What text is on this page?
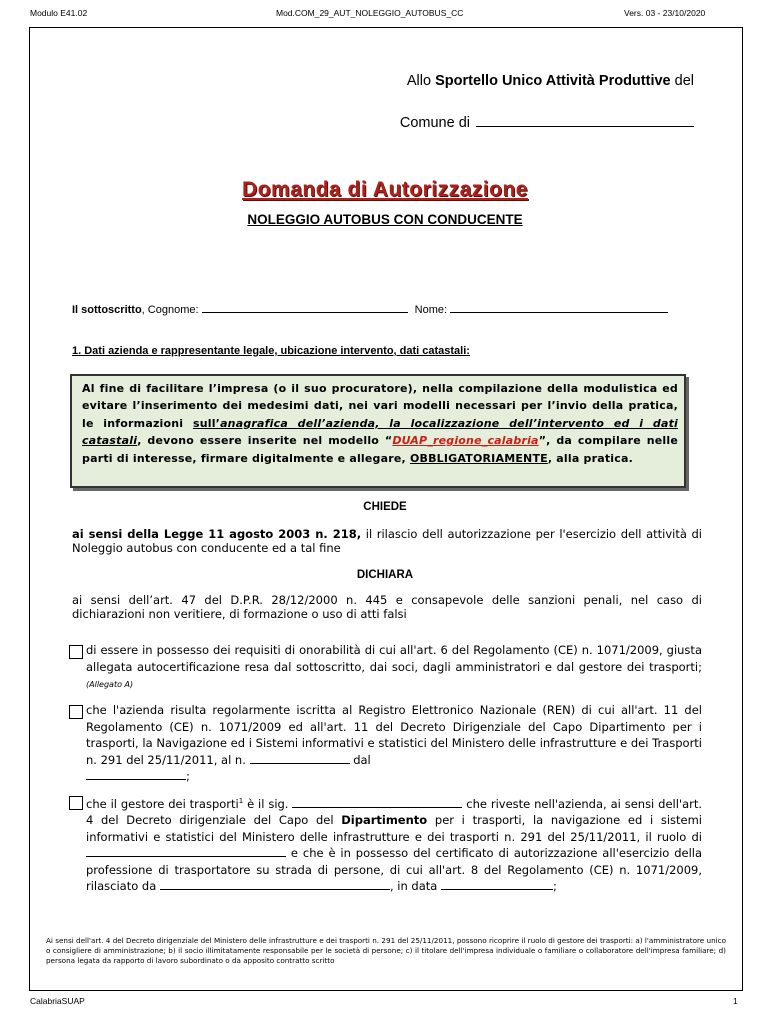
Modulo E41.02	Mod.COM_29_AUT_NOLEGGIO_AUTOBUS_CC	Vers. 03 - 23/10/2020
Allo Sportello Unico Attività Produttive del
Comune di
Domanda di Autorizzazione
NOLEGGIO AUTOBUS CON CONDUCENTE
Il sottoscritto, Cognome:	Nome:
1. Dati azienda e rappresentante legale, ubicazione intervento, dati catastali:
Al fine di facilitare l’impresa (o il suo procuratore), nella compilazione della modulistica ed evitare l’inserimento dei medesimi dati, nei vari modelli necessari per l’invio della pratica, le informazioni sull’anagrafica dell’azienda, la localizzazione dell’intervento ed i dati catastali, devono essere inserite nel modello “DUAP_regione_calabria”, da compilare nelle parti di interesse, firmare digitalmente e allegare, OBBLIGATORIAMENTE, alla pratica.
CHIEDE
ai sensi della Legge 11 agosto 2003 n. 218, il rilascio dell autorizzazione per l'esercizio dell attività di Noleggio autobus con conducente ed a tal fine
DICHIARA
ai sensi dell’art. 47 del D.P.R. 28/12/2000 n. 445 e consapevole delle sanzioni penali, nel caso di dichiarazioni non veritiere, di formazione o uso di atti falsi
di essere in possesso dei requisiti di onorabilità di cui all'art. 6 del Regolamento (CE) n. 1071/2009, giusta allegata autocertificazione resa dal sottoscritto, dai soci, dagli amministratori e dal gestore dei trasporti; (Allegato A)
che l'azienda risulta regolarmente iscritta al Registro Elettronico Nazionale (REN) di cui all'art. 11 del Regolamento (CE) n. 1071/2009 ed all'art. 11 del Decreto Dirigenziale del Capo Dipartimento per i trasporti, la Navigazione ed i Sistemi informativi e statistici del Ministero delle infrastrutture e dei Trasporti n. 291 del 25/11/2011, al n.	dal
;
che il gestore dei trasporti$^1$ è il sig.	che riveste nell'azienda, ai sensi dell'art. 4 del Decreto dirigenziale del Capo del Dipartimento per i trasporti, la navigazione ed i sistemi informativi e statistici del Ministero delle infrastrutture e dei trasporti n. 291 del 25/11/2011, il ruolo di  e che è in possesso del certificato di autorizzazione all'esercizio della professione di trasportatore su strada di persone, di cui all'art. 8 del Regolamento (CE) n. 1071/2009, rilasciato da	, in data	;
Ai sensi dell'art. 4 del Decreto dirigenziale del Ministero delle infrastrutture e dei trasporti n. 291 del 25/11/2011, possono ricoprire il ruolo di gestore dei trasporti: a) l'amministratore unico o consigliere di amministrazione; b) il socio illimitatamente responsabile per le società di persone; c) il titolare dell'impresa individuale o familiare o collaboratore dell'impresa familiare; d) persona legata da rapporto di lavoro subordinato o da apposito contratto scritto
CalabriaSUAP	1
